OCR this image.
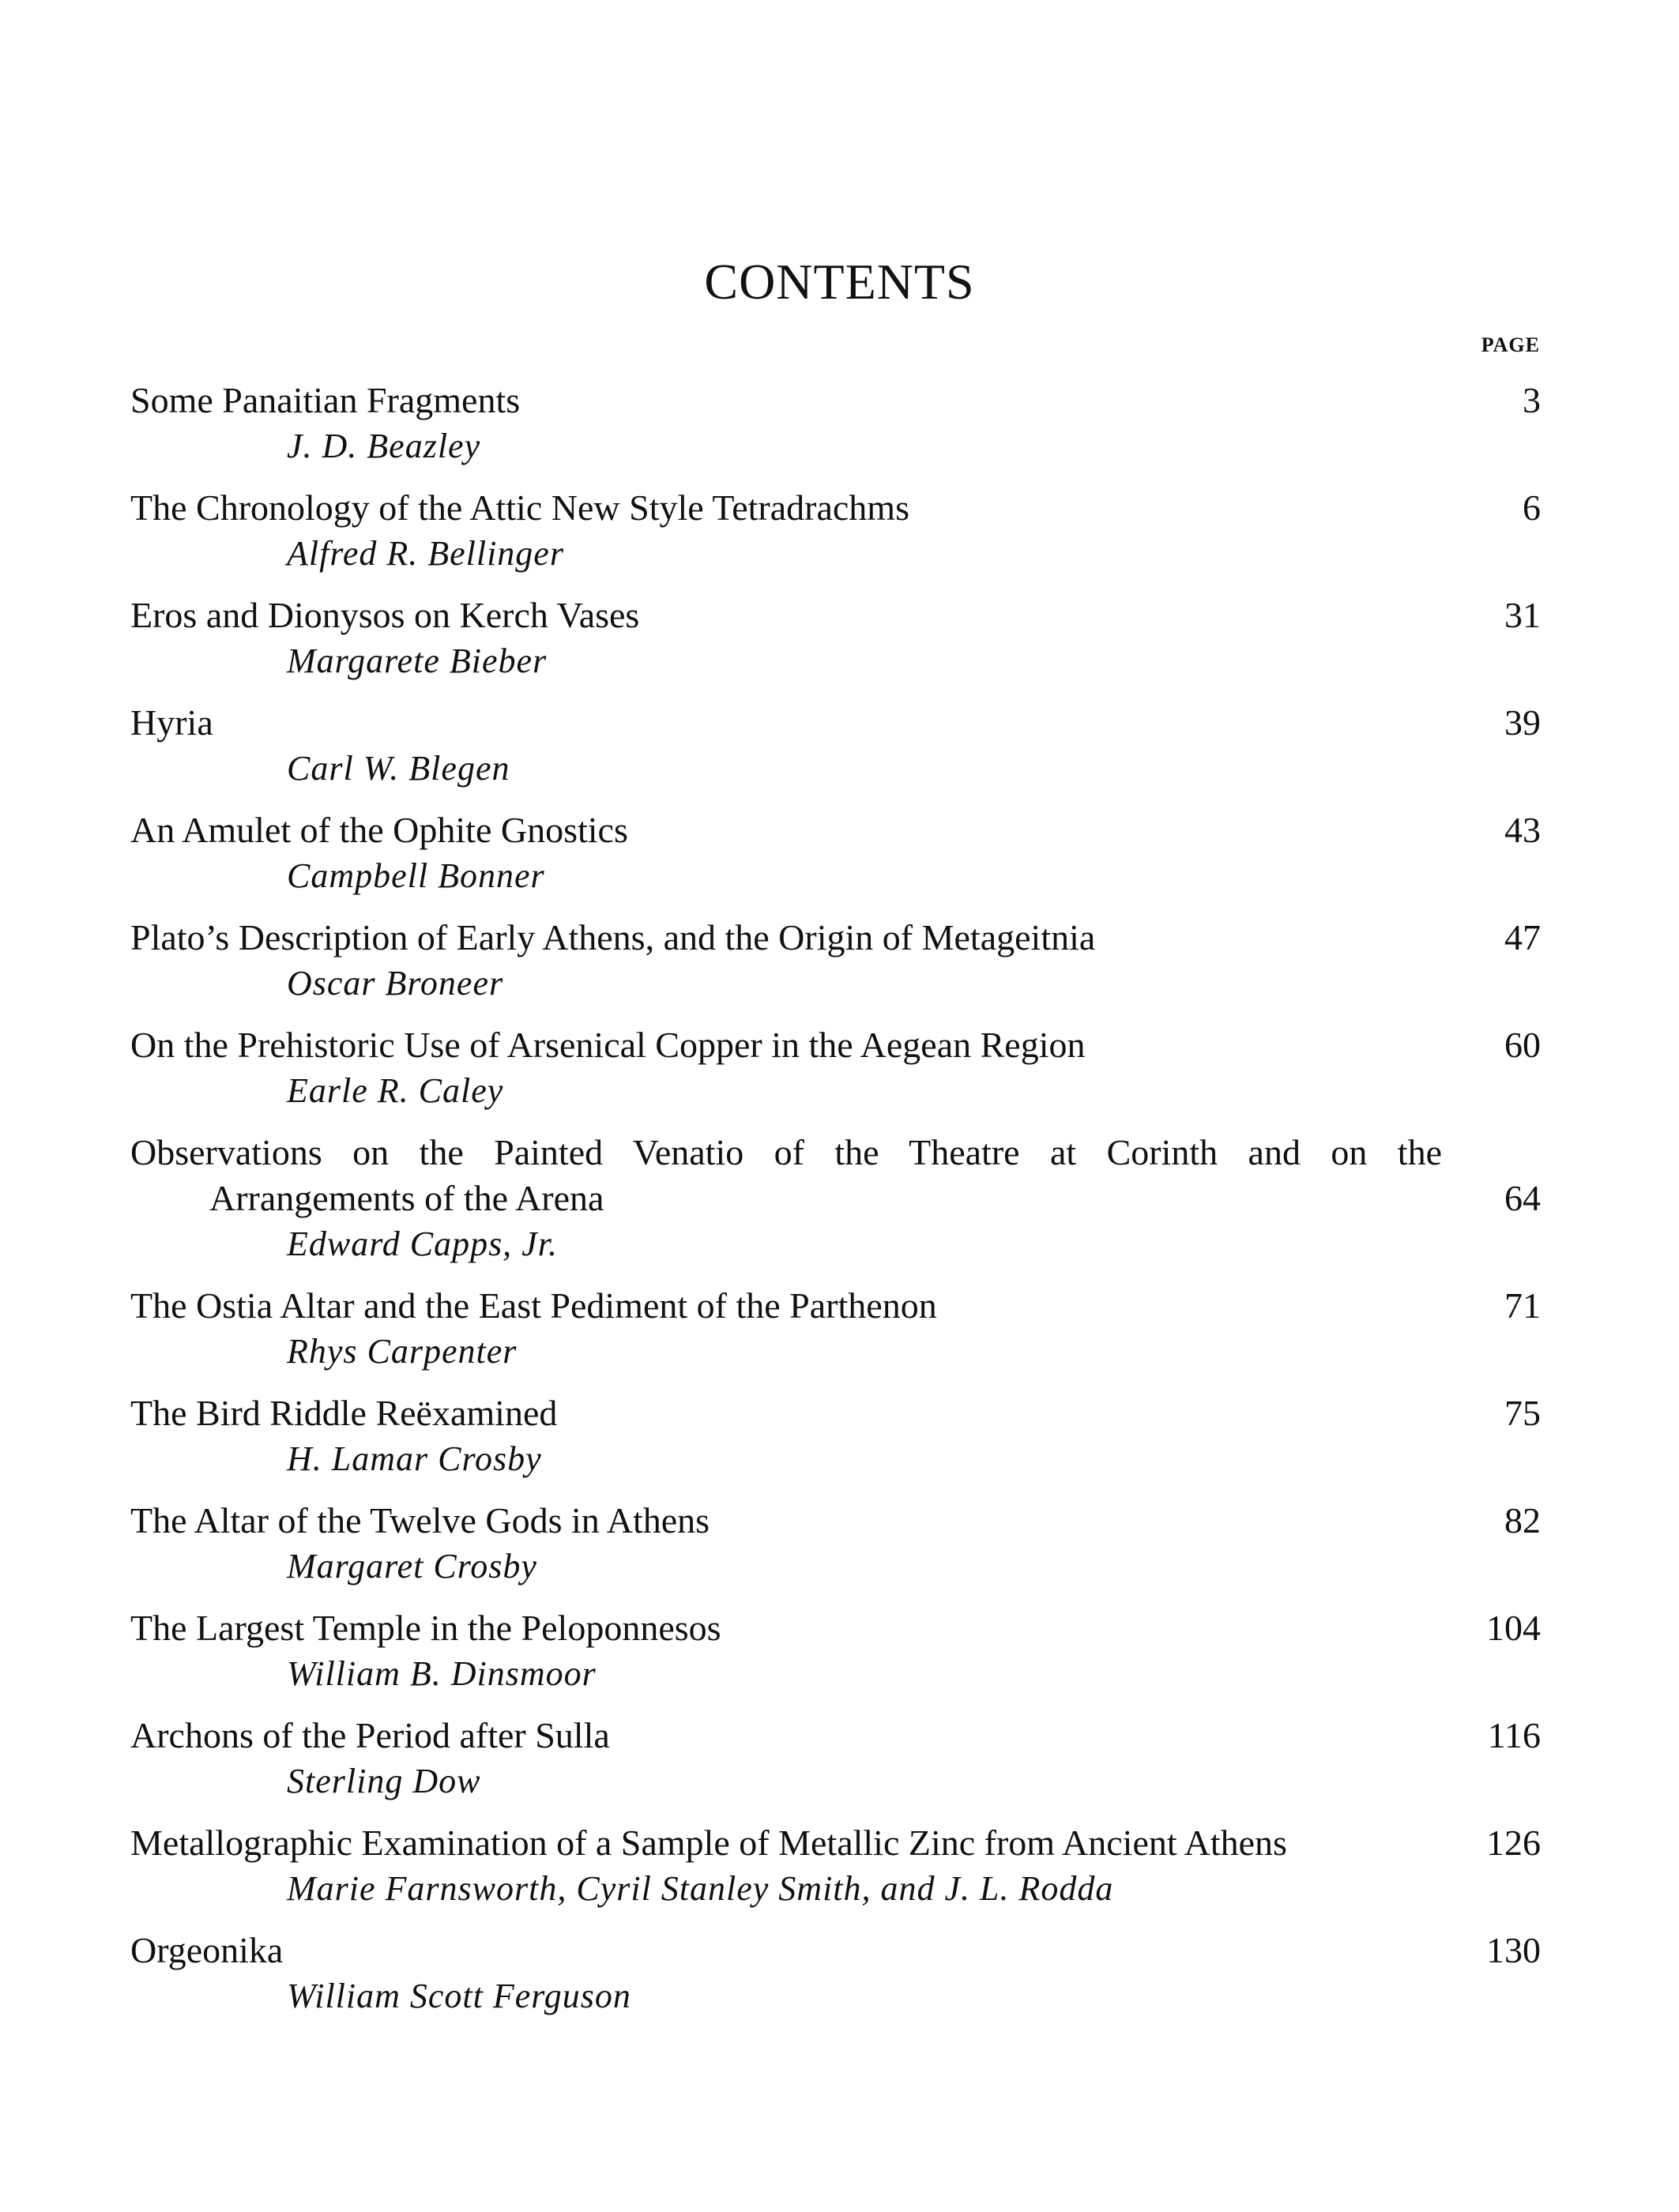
CONTENTS
PAGE
Some Panaitian Fragments	3
J. D. Beazley
The Chronology of the Attic New Style Tetradrachms	6
Alfred R. Bellinger
Eros and Dionysos on Kerch Vases	31
Margarete Bieber
Hyria	39
Carl W. Blegen
An Amulet of the Ophite Gnostics	43
Campbell Bonner
Plato’s Description of Early Athens, and the Origin of Metageitnia	47
Oscar Broneer
On the Prehistoric Use of Arsenical Copper in the Aegean Region	60
Earle R. Caley
Observations on the Painted Venatio of the Theatre at Corinth and on the
Arrangements of the Arena	64
Edward Capps, Jr.
The Ostia Altar and the East Pediment of the Parthenon	71
Rhys Carpenter
The Bird Riddle Reëxamined	75
H. Lamar Crosby
The Altar of the Twelve Gods in Athens	82
Margaret Crosby
The Largest Temple in the Peloponnesos	104
William B. Dinsmoor
Archons of the Period after Sulla	116
Sterling Dow
Metallographic Examination of a Sample of Metallic Zinc from Ancient Athens	126
Marie Farnsworth, Cyril Stanley Smith, and J. L. Rodda
Orgeonika	130
William Scott Ferguson
